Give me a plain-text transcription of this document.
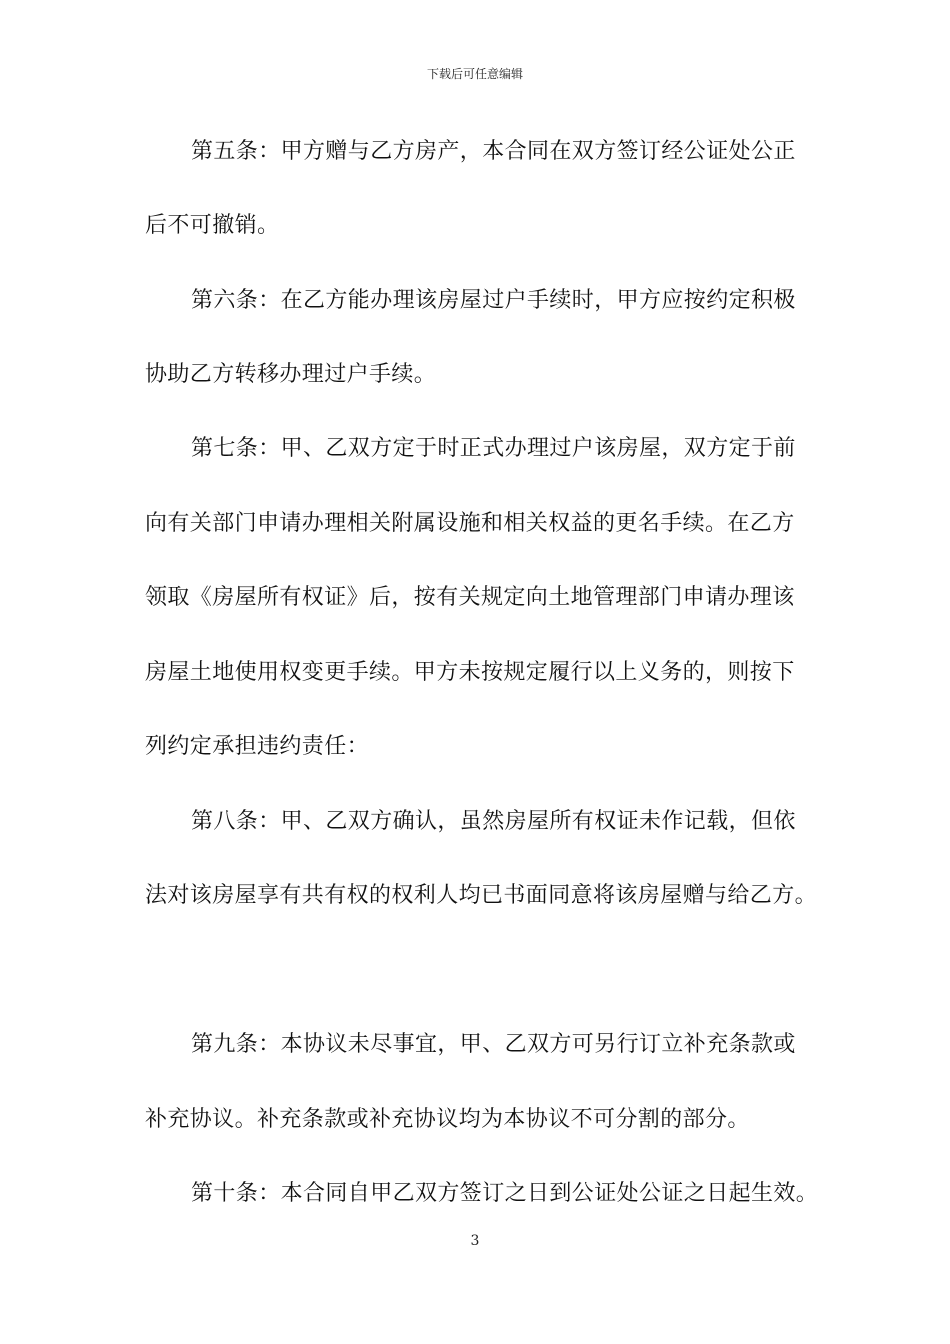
下载后可任意编辑
第五条：甲方赠与乙方房产，本合同在双方签订经公证处公正
后不可撤销。
第六条：在乙方能办理该房屋过户手续时，甲方应按约定积极
协助乙方转移办理过户手续。
第七条：甲、乙双方定于时正式办理过户该房屋，双方定于前
向有关部门申请办理相关附属设施和相关权益的更名手续。在乙方
领取《房屋所有权证》后，按有关规定向土地管理部门申请办理该
房屋土地使用权变更手续。甲方未按规定履行以上义务的，则按下
列约定承担违约责任：
第八条：甲、乙双方确认，虽然房屋所有权证未作记载，但依
法对该房屋享有共有权的权利人均已书面同意将该房屋赠与给乙方。
第九条：本协议未尽事宜，甲、乙双方可另行订立补充条款或
补充协议。补充条款或补充协议均为本协议不可分割的部分。
第十条：本合同自甲乙双方签订之日到公证处公证之日起生效。
3
